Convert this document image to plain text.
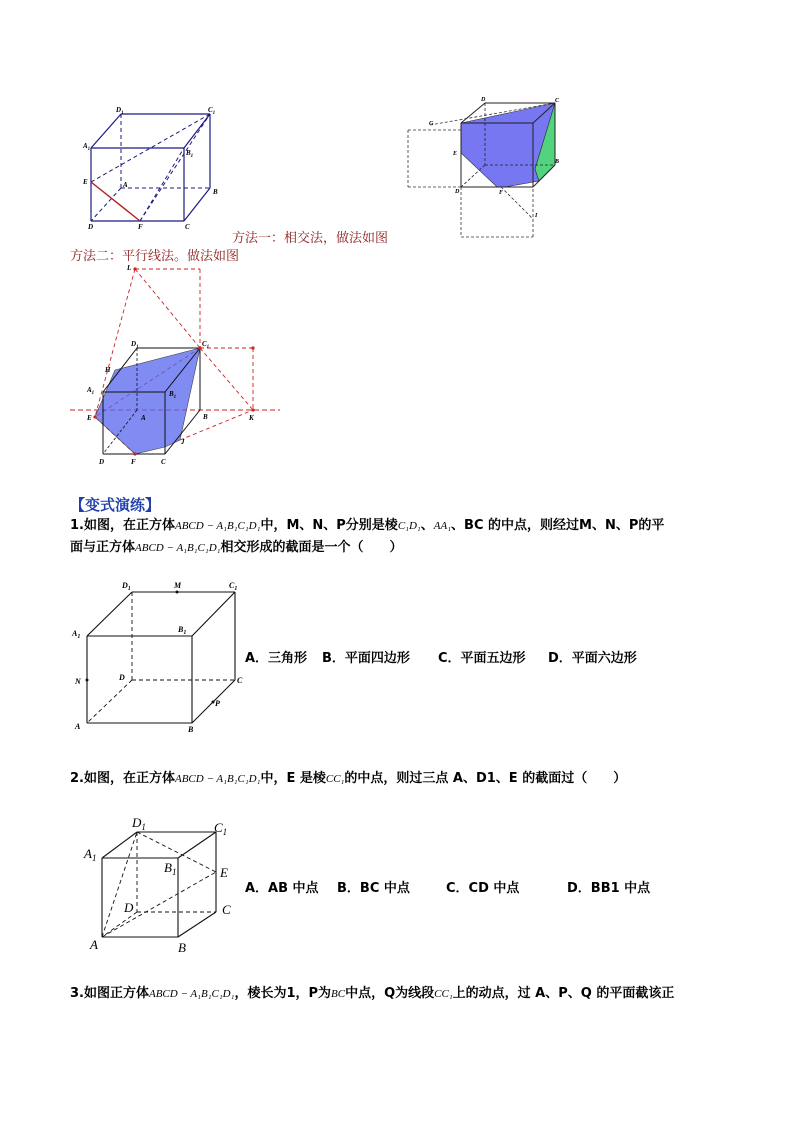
$D_1$	$C_1$
$A_1$	$B_1$
E	A
B
D	F	C
D	C
G
E
D	F
B
I
方法一：相交法，做法如图
方法二：平行线法。做法如图
L
$D_1$	$C_1$
H
$A_1$	$B_1$
E	A	B	K
J
D	F	C
【变式演练】
1.如图，在正方体ABCD − A₁B₁C₁D₁中，M、N、P分别是棱C₁D₁、AA₁、BC 的中点，则经过M、N、P的平
面与正方体ABCD − A₁B₁C₁D₁相交形成的截面是一个（　　）
$D_1$	M	$C_1$
$A_1$
$B_1$
N	D	C
P
A	B
A．三角形 B．平面四边形 C．平面五边形 D．平面六边形
2.如图，在正方体ABCD − A₁B₁C₁D₁中，E 是棱CC₁的中点，则过三点 A、D1、E 的截面过（　　）
$D_1$	$C_1$
$A_1$
$B_1$	E
D	C
A	B
A．AB 中点 B．BC 中点	C．CD 中点	D．BB1 中点
3.如图正方体ABCD − A₁B₁C₁D₁，棱长为1，P为BC中点，Q为线段CC₁上的动点，过 A、P、Q 的平面截该正
